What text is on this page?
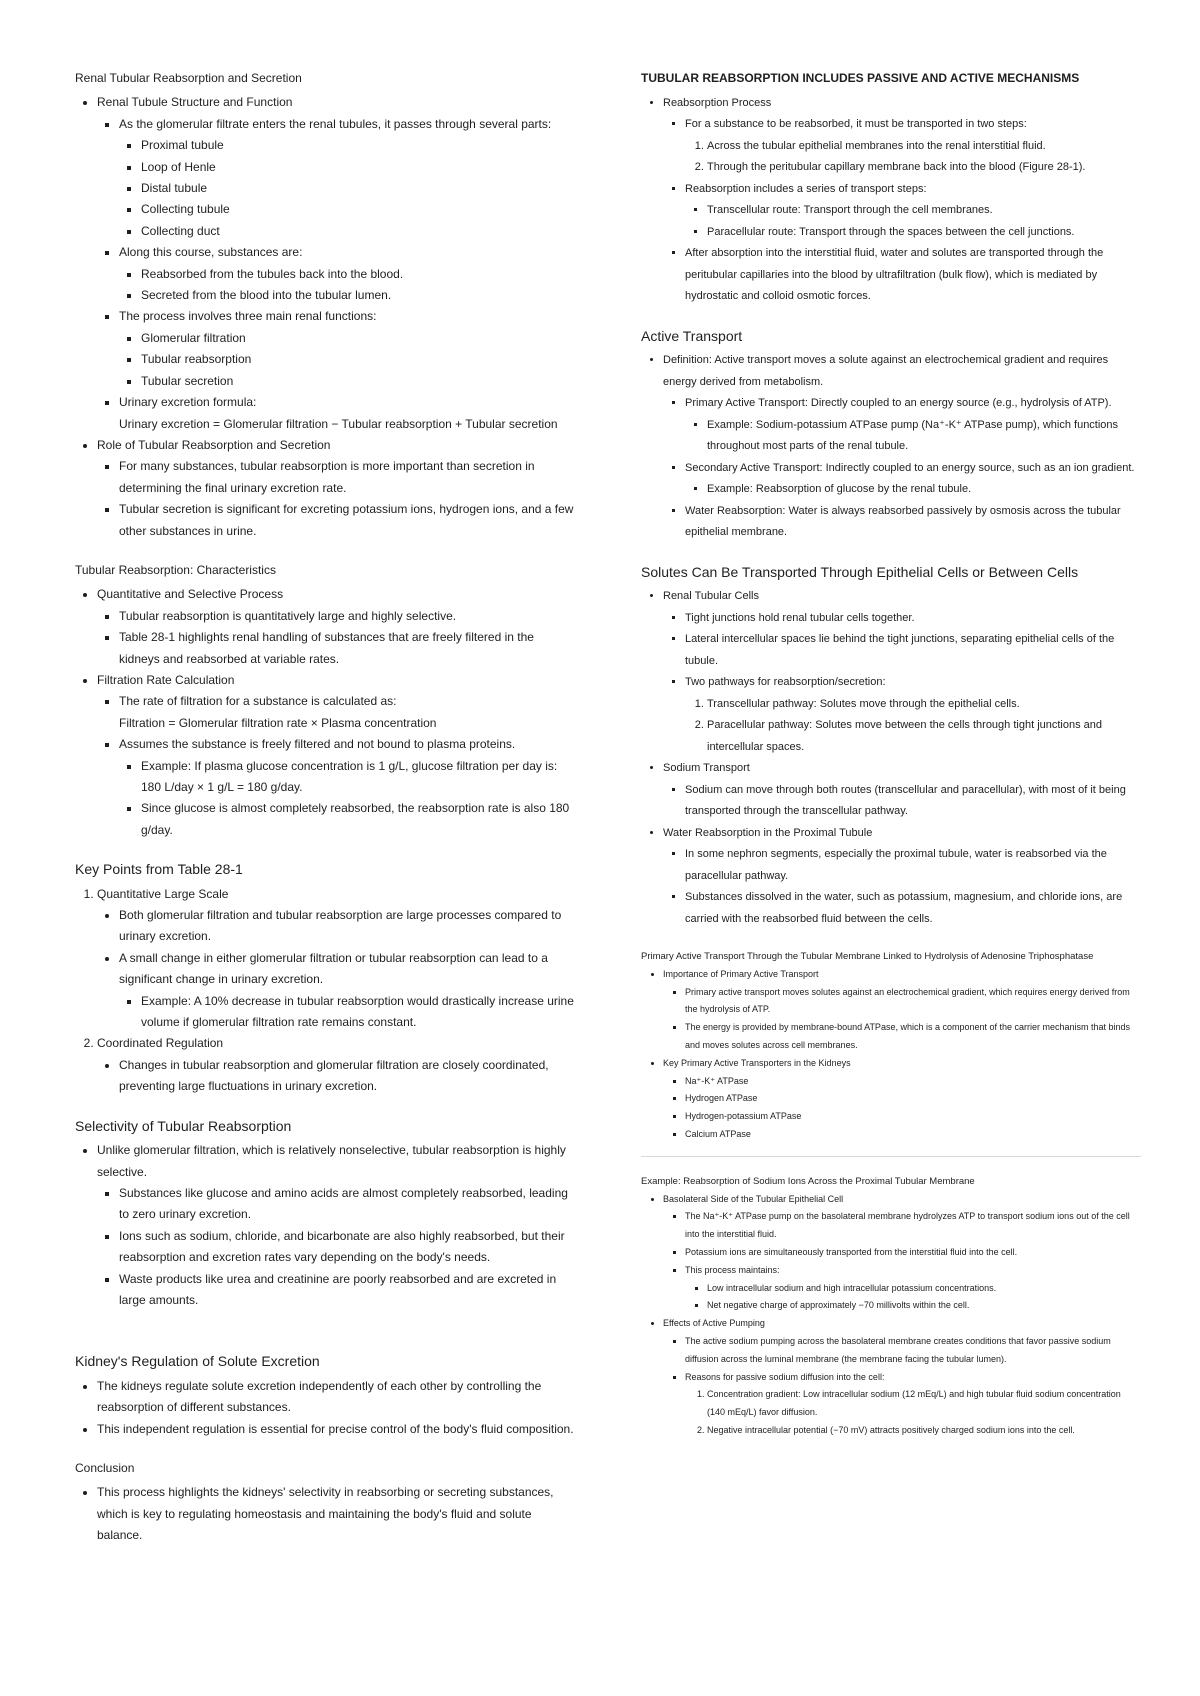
Renal Tubular Reabsorption and Secretion
• Renal Tubule Structure and Function
▪ As the glomerular filtrate enters the renal tubules, it passes through several parts:
▪ Proximal tubule
▪ Loop of Henle
▪ Distal tubule
▪ Collecting tubule
▪ Collecting duct
▪ Along this course, substances are:
▪ Reabsorbed from the tubules back into the blood.
▪ Secreted from the blood into the tubular lumen.
▪ The process involves three main renal functions:
▪ Glomerular filtration
▪ Tubular reabsorption
▪ Tubular secretion
▪ Urinary excretion formula:
Urinary excretion = Glomerular filtration − Tubular reabsorption + Tubular secretion
• Role of Tubular Reabsorption and Secretion
▪ For many substances, tubular reabsorption is more important than secretion in determining the final urinary excretion rate.
▪ Tubular secretion is significant for excreting potassium ions, hydrogen ions, and a few other substances in urine.
Tubular Reabsorption: Characteristics
• Quantitative and Selective Process
▪ Tubular reabsorption is quantitatively large and highly selective.
▪ Table 28-1 highlights renal handling of substances that are freely filtered in the kidneys and reabsorbed at variable rates.
• Filtration Rate Calculation
▪ The rate of filtration for a substance is calculated as:
Filtration = Glomerular filtration rate × Plasma concentration
▪ Assumes the substance is freely filtered and not bound to plasma proteins.
▪ Example: If plasma glucose concentration is 1 g/L, glucose filtration per day is:
180 L/day × 1 g/L = 180 g/day.
▪ Since glucose is almost completely reabsorbed, the reabsorption rate is also 180 g/day.
Key Points from Table 28-1
1. Quantitative Large Scale
• Both glomerular filtration and tubular reabsorption are large processes compared to urinary excretion.
• A small change in either glomerular filtration or tubular reabsorption can lead to a significant change in urinary excretion.
▪ Example: A 10% decrease in tubular reabsorption would drastically increase urine volume if glomerular filtration rate remains constant.
2. Coordinated Regulation
• Changes in tubular reabsorption and glomerular filtration are closely coordinated, preventing large fluctuations in urinary excretion.
Selectivity of Tubular Reabsorption
• Unlike glomerular filtration, which is relatively nonselective, tubular reabsorption is highly selective.
▪ Substances like glucose and amino acids are almost completely reabsorbed, leading to zero urinary excretion.
▪ Ions such as sodium, chloride, and bicarbonate are also highly reabsorbed, but their reabsorption and excretion rates vary depending on the body's needs.
▪ Waste products like urea and creatinine are poorly reabsorbed and are excreted in large amounts.
Kidney's Regulation of Solute Excretion
• The kidneys regulate solute excretion independently of each other by controlling the reabsorption of different substances.
• This independent regulation is essential for precise control of the body's fluid composition.
Conclusion
• This process highlights the kidneys' selectivity in reabsorbing or secreting substances, which is key to regulating homeostasis and maintaining the body's fluid and solute balance.
TUBULAR REABSORPTION INCLUDES PASSIVE AND ACTIVE MECHANISMS
• Reabsorption Process
▪ For a substance to be reabsorbed, it must be transported in two steps:
1. Across the tubular epithelial membranes into the renal interstitial fluid.
2. Through the peritubular capillary membrane back into the blood (Figure 28-1).
▪ Reabsorption includes a series of transport steps:
▪ Transcellular route: Transport through the cell membranes.
▪ Paracellular route: Transport through the spaces between the cell junctions.
▪ After absorption into the interstitial fluid, water and solutes are transported through the peritubular capillaries into the blood by ultrafiltration (bulk flow), which is mediated by hydrostatic and colloid osmotic forces.
Active Transport
• Definition: Active transport moves a solute against an electrochemical gradient and requires energy derived from metabolism.
▪ Primary Active Transport: Directly coupled to an energy source (e.g., hydrolysis of ATP).
▪ Example: Sodium-potassium ATPase pump (Na⁺-K⁺ ATPase pump), which functions throughout most parts of the renal tubule.
▪ Secondary Active Transport: Indirectly coupled to an energy source, such as an ion gradient.
▪ Example: Reabsorption of glucose by the renal tubule.
▪ Water Reabsorption: Water is always reabsorbed passively by osmosis across the tubular epithelial membrane.
Solutes Can Be Transported Through Epithelial Cells or Between Cells
• Renal Tubular Cells
▪ Tight junctions hold renal tubular cells together.
▪ Lateral intercellular spaces lie behind the tight junctions, separating epithelial cells of the tubule.
▪ Two pathways for reabsorption/secretion:
1. Transcellular pathway: Solutes move through the epithelial cells.
2. Paracellular pathway: Solutes move between the cells through tight junctions and intercellular spaces.
• Sodium Transport
▪ Sodium can move through both routes (transcellular and paracellular), with most of it being transported through the transcellular pathway.
• Water Reabsorption in the Proximal Tubule
▪ In some nephron segments, especially the proximal tubule, water is reabsorbed via the paracellular pathway.
▪ Substances dissolved in the water, such as potassium, magnesium, and chloride ions, are carried with the reabsorbed fluid between the cells.
Primary Active Transport Through the Tubular Membrane Linked to Hydrolysis of Adenosine Triphosphatase
• Importance of Primary Active Transport
▪ Primary active transport moves solutes against an electrochemical gradient, which requires energy derived from the hydrolysis of ATP.
▪ The energy is provided by membrane-bound ATPase, which is a component of the carrier mechanism that binds and moves solutes across cell membranes.
• Key Primary Active Transporters in the Kidneys
▪ Na⁺-K⁺ ATPase
▪ Hydrogen ATPase
▪ Hydrogen-potassium ATPase
▪ Calcium ATPase
Example: Reabsorption of Sodium Ions Across the Proximal Tubular Membrane
• Basolateral Side of the Tubular Epithelial Cell
▪ The Na⁺-K⁺ ATPase pump on the basolateral membrane hydrolyzes ATP to transport sodium ions out of the cell into the interstitial fluid.
▪ Potassium ions are simultaneously transported from the interstitial fluid into the cell.
▪ This process maintains:
▪ Low intracellular sodium and high intracellular potassium concentrations.
▪ Net negative charge of approximately −70 millivolts within the cell.
• Effects of Active Pumping
▪ The active sodium pumping across the basolateral membrane creates conditions that favor passive sodium diffusion across the luminal membrane (the membrane facing the tubular lumen).
▪ Reasons for passive sodium diffusion into the cell:
1. Concentration gradient: Low intracellular sodium (12 mEq/L) and high tubular fluid sodium concentration (140 mEq/L) favor diffusion.
2. Negative intracellular potential (−70 mV) attracts positively charged sodium ions into the cell.
